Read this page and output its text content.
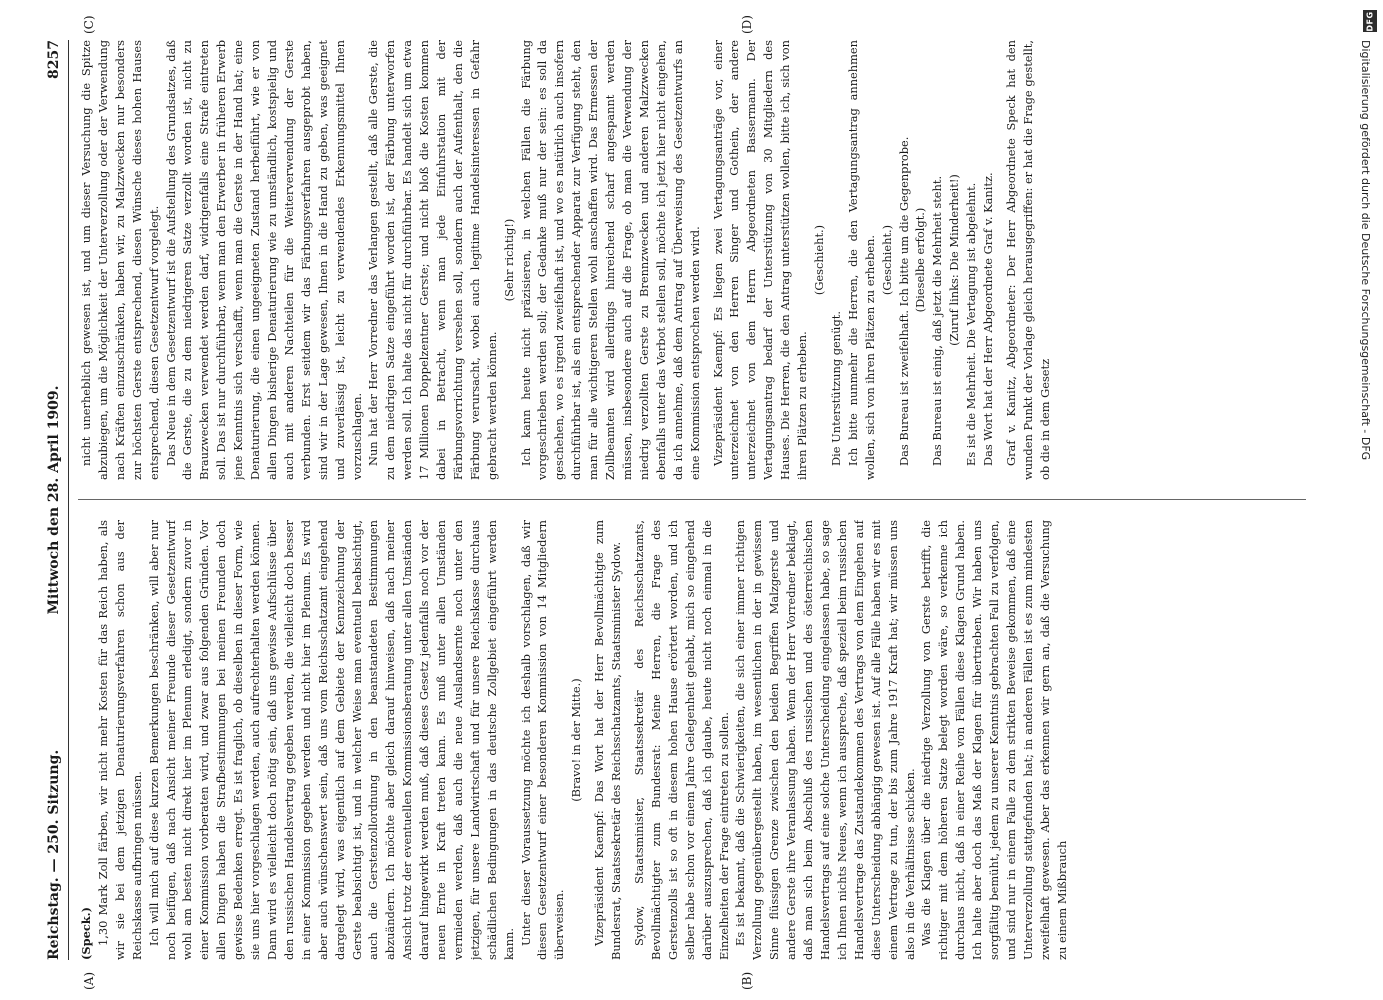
DFG
Digitalisierung gefördert durch die Deutsche Forschungsgemeinschaft - DFG
Reichstag. — 250. Sitzung.
Mittwoch den 28. April 1909.
8257
(A)	(B)
(C)	(D)

(Speck.) 1,30 Mark Zoll färben, wir nicht mehr Kosten für das Reich haben, als wir sie bei dem jetzigen Denaturierungsverfahren schon aus der Reichskasse aufbringen müssen. Ich will mich auf diese kurzen Bemerkungen beschränken, will aber nur noch beifügen, daß nach Ansicht meiner Freunde dieser Gesetzentwurf wohl am besten nicht direkt hier im Plenum erledigt, sondern zuvor in einer Kommission vorberaten wird, und zwar aus folgenden Gründen. Vor allen Dingen haben die Strafbestimmungen bei meinen Freunden doch gewisse Bedenken erregt. Es ist fraglich, ob dieselben in dieser Form, wie sie uns hier vorgeschlagen werden, auch aufrechterhalten werden können. Dann wird es vielleicht doch nötig sein, daß uns gewisse Aufschlüsse über den russischen Handelsvertrag gegeben werden, die vielleicht doch besser in einer Kommission gegeben werden und nicht hier im Plenum. Es wird aber auch wünschenswert sein, daß uns vom Reichsschatzamt eingehend dargelegt wird, was eigentlich auf dem Gebiete der Kennzeichnung der Gerste beabsichtigt ist, und in welcher Weise man eventuell beabsichtigt, auch die Gerstenzollordnung in den beanstandeten Bestimmungen abzuändern. Ich möchte aber gleich darauf hinweisen, daß nach meiner Ansicht trotz der eventuellen Kommissionsberatung unter allen Umständen darauf hingewirkt werden muß, daß dieses Gesetz jedenfalls noch vor der neuen Ernte in Kraft treten kann. Es muß unter allen Umständen vermieden werden, daß auch die neue Auslandsernte noch unter den jetzigen, für unsere Landwirtschaft und für unsere Reichskasse durchaus schädlichen Bedingungen in das deutsche Zollgebiet eingeführt werden kann. Unter dieser Voraussetzung möchte ich deshalb vorschlagen, daß wir diesen Gesetzentwurf einer besonderen Kommission von 14 Mitgliedern überweisen.

(Bravo! in der Mitte.) Vizepräsident Kaempf: Das Wort hat der Herr Bevollmächtigte zum Bundesrat, Staatssekretär des Reichsschatzamts, Staatsminister Sydow. Sydow, Staatsminister, Staatssekretär des Reichsschatzamts, Bevollmächtigter zum Bundesrat: Meine Herren, die Frage des Gerstenzolls ist so oft in diesem hohen Hause erörtert worden, und ich selber habe schon vor einem Jahre Gelegenheit gehabt, mich so eingehend darüber auszusprechen, daß ich glaube, heute nicht noch einmal in die Einzelheiten der Frage eintreten zu sollen. Es ist bekannt, daß die Schwierigkeiten, die sich einer immer richtigen Verzollung gegenübergestellt haben, im wesentlichen in der in gewissem Sinne flüssigen Grenze zwischen den beiden Begriffen Malzgerste und andere Gerste ihre Veranlassung haben. Wenn der Herr Vorredner beklagt, daß man sich beim Abschluß des russischen und des österreichischen Handelsvertrags auf eine solche Unterscheidung eingelassen habe, so sage ich Ihnen nichts Neues, wenn ich ausspreche, daß speziell beim russischen Handelsvertrage das Zustandekommen des Vertrags von dem Eingehen auf diese Unterscheidung abhängig gewesen ist. Auf alle Fälle haben wir es mit einem Vertrage zu tun, der bis zum Jahre 1917 Kraft hat; wir müssen uns also in die Verhältnisse schicken. Was die Klagen über die niedrige Verzollung von Gerste betrifft, die richtiger mit dem höheren Satze belegt worden wäre, so verkenne ich durchaus nicht, daß in einer Reihe von Fällen diese Klagen Grund haben. Ich halte aber doch das Maß der Klagen für übertrieben. Wir haben uns sorgfältig bemüht, jedem zu unserer Kenntnis gebrachten Fall zu verfolgen, und sind nur in einem Falle zu dem strikten Beweise gekommen, daß eine Unterverzollung stattgefunden hat; in anderen Fällen ist es zum mindesten zweifelhaft gewesen. Aber das erkennen wir gern an, daß die Versuchung zu einem Mißbrauch

nicht unerheblich gewesen ist, und um dieser Versuchung die Spitze abzubiegen, um die Möglichkeit der Unterverzollung oder der Verwendung nach Kräften einzuschränken, haben wir, zu Malzzwecken nur besonders zur höchsten Gerste entsprechend, diesen Wünsche dieses hohen Hauses entsprechend, diesen Gesetzentwurf vorgelegt. Das Neue in dem Gesetzentwurf ist die Aufstellung des Grundsatzes, daß die Gerste, die zu dem niedrigeren Satze verzollt worden ist, nicht zu Brauzwecken verwendet werden darf, widrigenfalls eine Strafe eintreten soll. Das ist nur durchführbar, wenn man den Erwerber in früheren Erwerb jene Kenntnis sich verschafft, wenn man die Gerste in der Hand hat; eine Denaturierung, die einen ungeeigneten Zustand herbeiführt, wie er von allen Dingen bisherige Denaturierung wie zu umständlich, kostspielig und auch mit anderen Nachteilen für die Weiterverwendung der Gerste verbunden. Erst seitdem wir das Färbungsverfahren ausgeprobt haben, sind wir in der Lage gewesen, Ihnen in die Hand zu geben, was geeignet und zuverlässig ist, leicht zu verwendendes Erkennungsmittel Ihnen vorzuschlagen. Nun hat der Herr Vorredner das Verlangen gestellt, daß alle Gerste, die zu dem niedrigen Satze eingeführt worden ist, der Färbung unterworfen werden soll. Ich halte das nicht für durchführbar. Es handelt sich um etwa 17 Millionen Doppelzentner Gerste; und nicht bloß die Kosten kommen dabei in Betracht, wenn man jede Einfuhrstation mit der Färbungsvorrichtung versehen soll, sondern auch der Aufenthalt, den die Färbung verursacht, wobei auch legitime Handelsinteressen in Gefahr gebracht werden können.

(Sehr richtig!) Ich kann heute nicht präzisieren, in welchen Fällen die Färbung vorgeschrieben werden soll; der Gedanke muß nur der sein: es soll da geschehen, wo es irgend zweifelhaft ist, und wo es natürlich auch insofern durchführbar ist, als ein entsprechender Apparat zur Verfügung steht, den man für alle wichtigeren Stellen wohl anschaffen wird. Das Ermessen der Zollbeamten wird allerdings hinreichend scharf angespannt werden müssen, insbesondere auch auf die Frage, ob man die Verwendung der niedrig verzollten Gerste zu Brennzwecken und anderen Malzzwecken ebenfalls unter das Verbot stellen soll, möchte ich jetzt hier nicht eingehen, da ich annehme, daß dem Antrag auf Überweisung des Gesetzentwurfs an eine Kommission entsprochen werden wird. Vizepräsident Kaempf: Es liegen zwei Vertagungsanträge vor, einer unterzeichnet von den Herren Singer und Gothein, der andere unterzeichnet von dem Herrn Abgeordneten Bassermann. Der Vertagungsantrag bedarf der Unterstützung von 30 Mitgliedern des Hauses. Die Herren, die den Antrag unterstützen wollen, bitte ich, sich von ihren Plätzen zu erheben.

(Geschieht.)

Die Unterstützung genügt. Ich bitte nunmehr die Herren, die den Vertagungsantrag annehmen wollen, sich von ihren Plätzen zu erheben. (Geschieht.) Das Bureau ist zweifelhaft. Ich bitte um die Gegenprobe. (Dieselbe erfolgt.) Das Bureau ist einig, daß jetzt die Mehrheit steht. (Zuruf links: Die Minderheit!) Es ist die Mehrheit. Die Vertagung ist abgelehnt. Das Wort hat der Herr Abgeordnete Graf v. Kanitz. Graf v. Kanitz, Abgeordneter: Der Herr Abgeordnete Speck hat den wunden Punkt der Vorlage gleich herausgegriffen: er hat die Frage gestellt, ob die in dem Gesetz
